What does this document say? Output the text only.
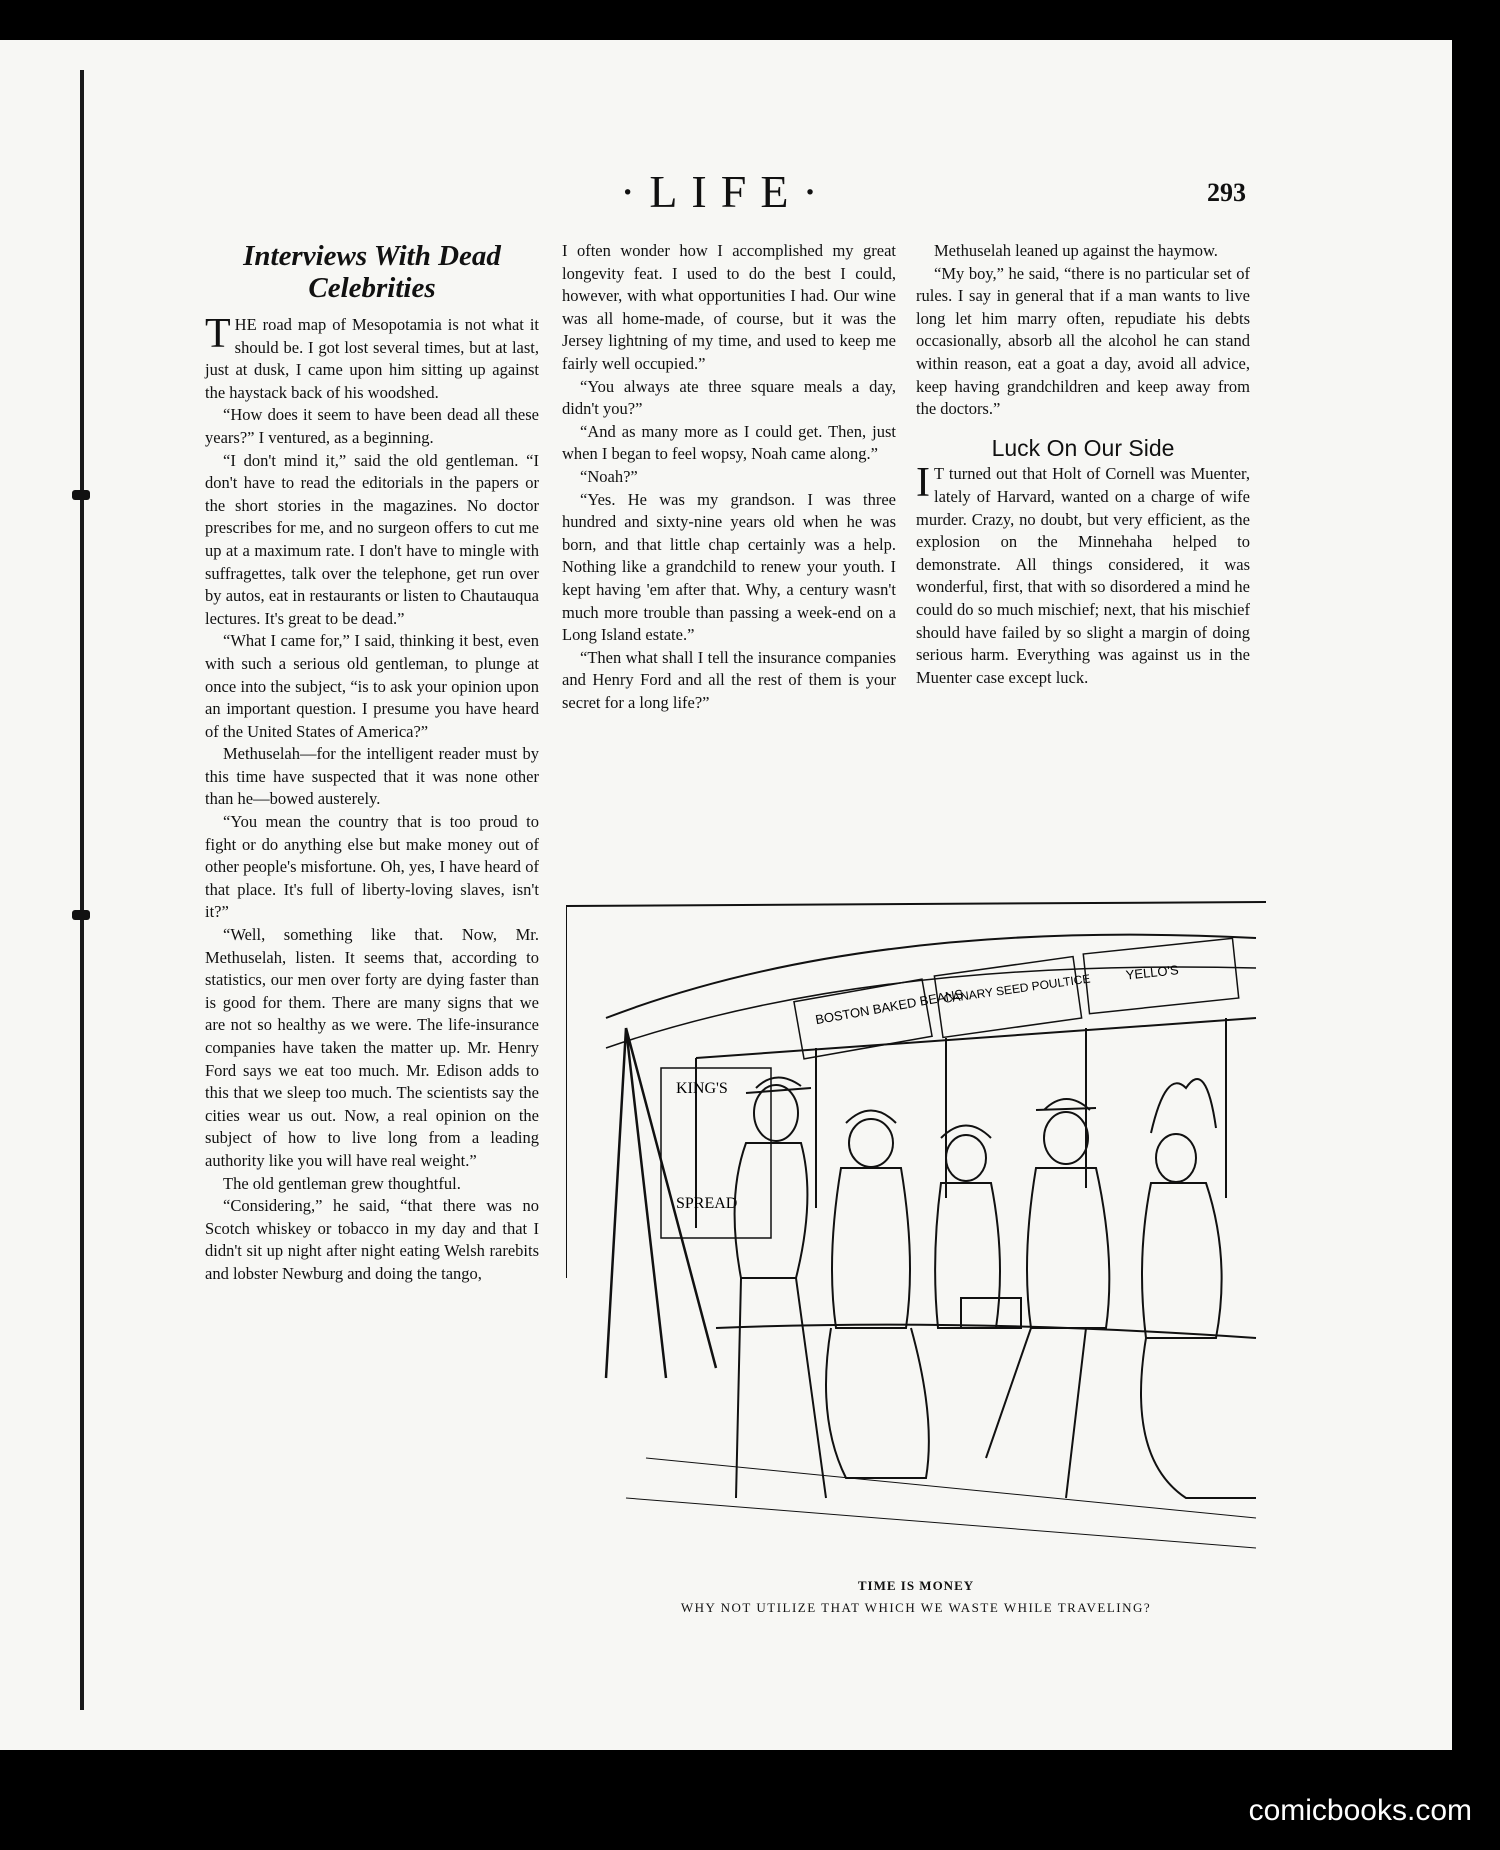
·LIFE·	293
Interviews With Dead Celebrities

THE road map of Mesopotamia is not what it should be. I got lost several times, but at last, just at dusk, I came upon him sitting up against the haystack back of his woodshed.

“How does it seem to have been dead all these years?” I ventured, as a beginning.

“I don't mind it,” said the old gentleman. “I don't have to read the editorials in the papers or the short stories in the magazines. No doctor prescribes for me, and no surgeon offers to cut me up at a maximum rate. I don't have to mingle with suffragettes, talk over the telephone, get run over by autos, eat in restaurants or listen to Chautauqua lectures. It's great to be dead.”

“What I came for,” I said, thinking it best, even with such a serious old gentleman, to plunge at once into the subject, “is to ask your opinion upon an important question. I presume you have heard of the United States of America?”

Methuselah—for the intelligent reader must by this time have suspected that it was none other than he—bowed austerely.

“You mean the country that is too proud to fight or do anything else but make money out of other people's misfortune. Oh, yes, I have heard of that place. It's full of liberty-loving slaves, isn't it?”

“Well, something like that. Now, Mr. Methuselah, listen. It seems that, according to statistics, our men over forty are dying faster than is good for them. There are many signs that we are not so healthy as we were. The life-insurance companies have taken the matter up. Mr. Henry Ford says we eat too much. Mr. Edison adds to this that we sleep too much. The scientists say the cities wear us out. Now, a real opinion on the subject of how to live long from a leading authority like you will have real weight.”

The old gentleman grew thoughtful.

“Considering,” he said, “that there was no Scotch whiskey or tobacco in my day and that I didn't sit up night after night eating Welsh rarebits and lobster Newburg and doing the tango,

I often wonder how I accomplished my great longevity feat. I used to do the best I could, however, with what opportunities I had. Our wine was all home-made, of course, but it was the Jersey lightning of my time, and used to keep me fairly well occupied.”

“You always ate three square meals a day, didn't you?”

“And as many more as I could get. Then, just when I began to feel wopsy, Noah came along.”

“Noah?”

“Yes. He was my grandson. I was three hundred and sixty-nine years old when he was born, and that little chap certainly was a help. Nothing like a grandchild to renew your youth. I kept having 'em after that. Why, a century wasn't much more trouble than passing a week-end on a Long Island estate.”

“Then what shall I tell the insurance companies and Henry Ford and all the rest of them is your secret for a long life?”

Methuselah leaned up against the haymow.

“My boy,” he said, “there is no particular set of rules. I say in general that if a man wants to live long let him marry often, repudiate his debts occasionally, absorb all the alcohol he can stand within reason, eat a goat a day, avoid all advice, keep having grandchildren and keep away from the doctors.”

Luck On Our Side

I T turned out that Holt of Cornell was Muenter, lately of Harvard, wanted on a charge of wife murder. Crazy, no doubt, but very efficient, as the explosion on the Minnehaha helped to demonstrate. All things considered, it was wonderful, first, that with so disordered a mind he could do so much mischief; next, that his mischief should have failed by so slight a margin of doing serious harm. Everything was against us in the Muenter case except luck.

BOSTON BAKED BEANS
CANARY SEED POULTICE	YELLO'S
KING'S
SPREAD
TIME IS MONEY
WHY NOT UTILIZE THAT WHICH WE WASTE WHILE TRAVELING?
comicbooks.com
